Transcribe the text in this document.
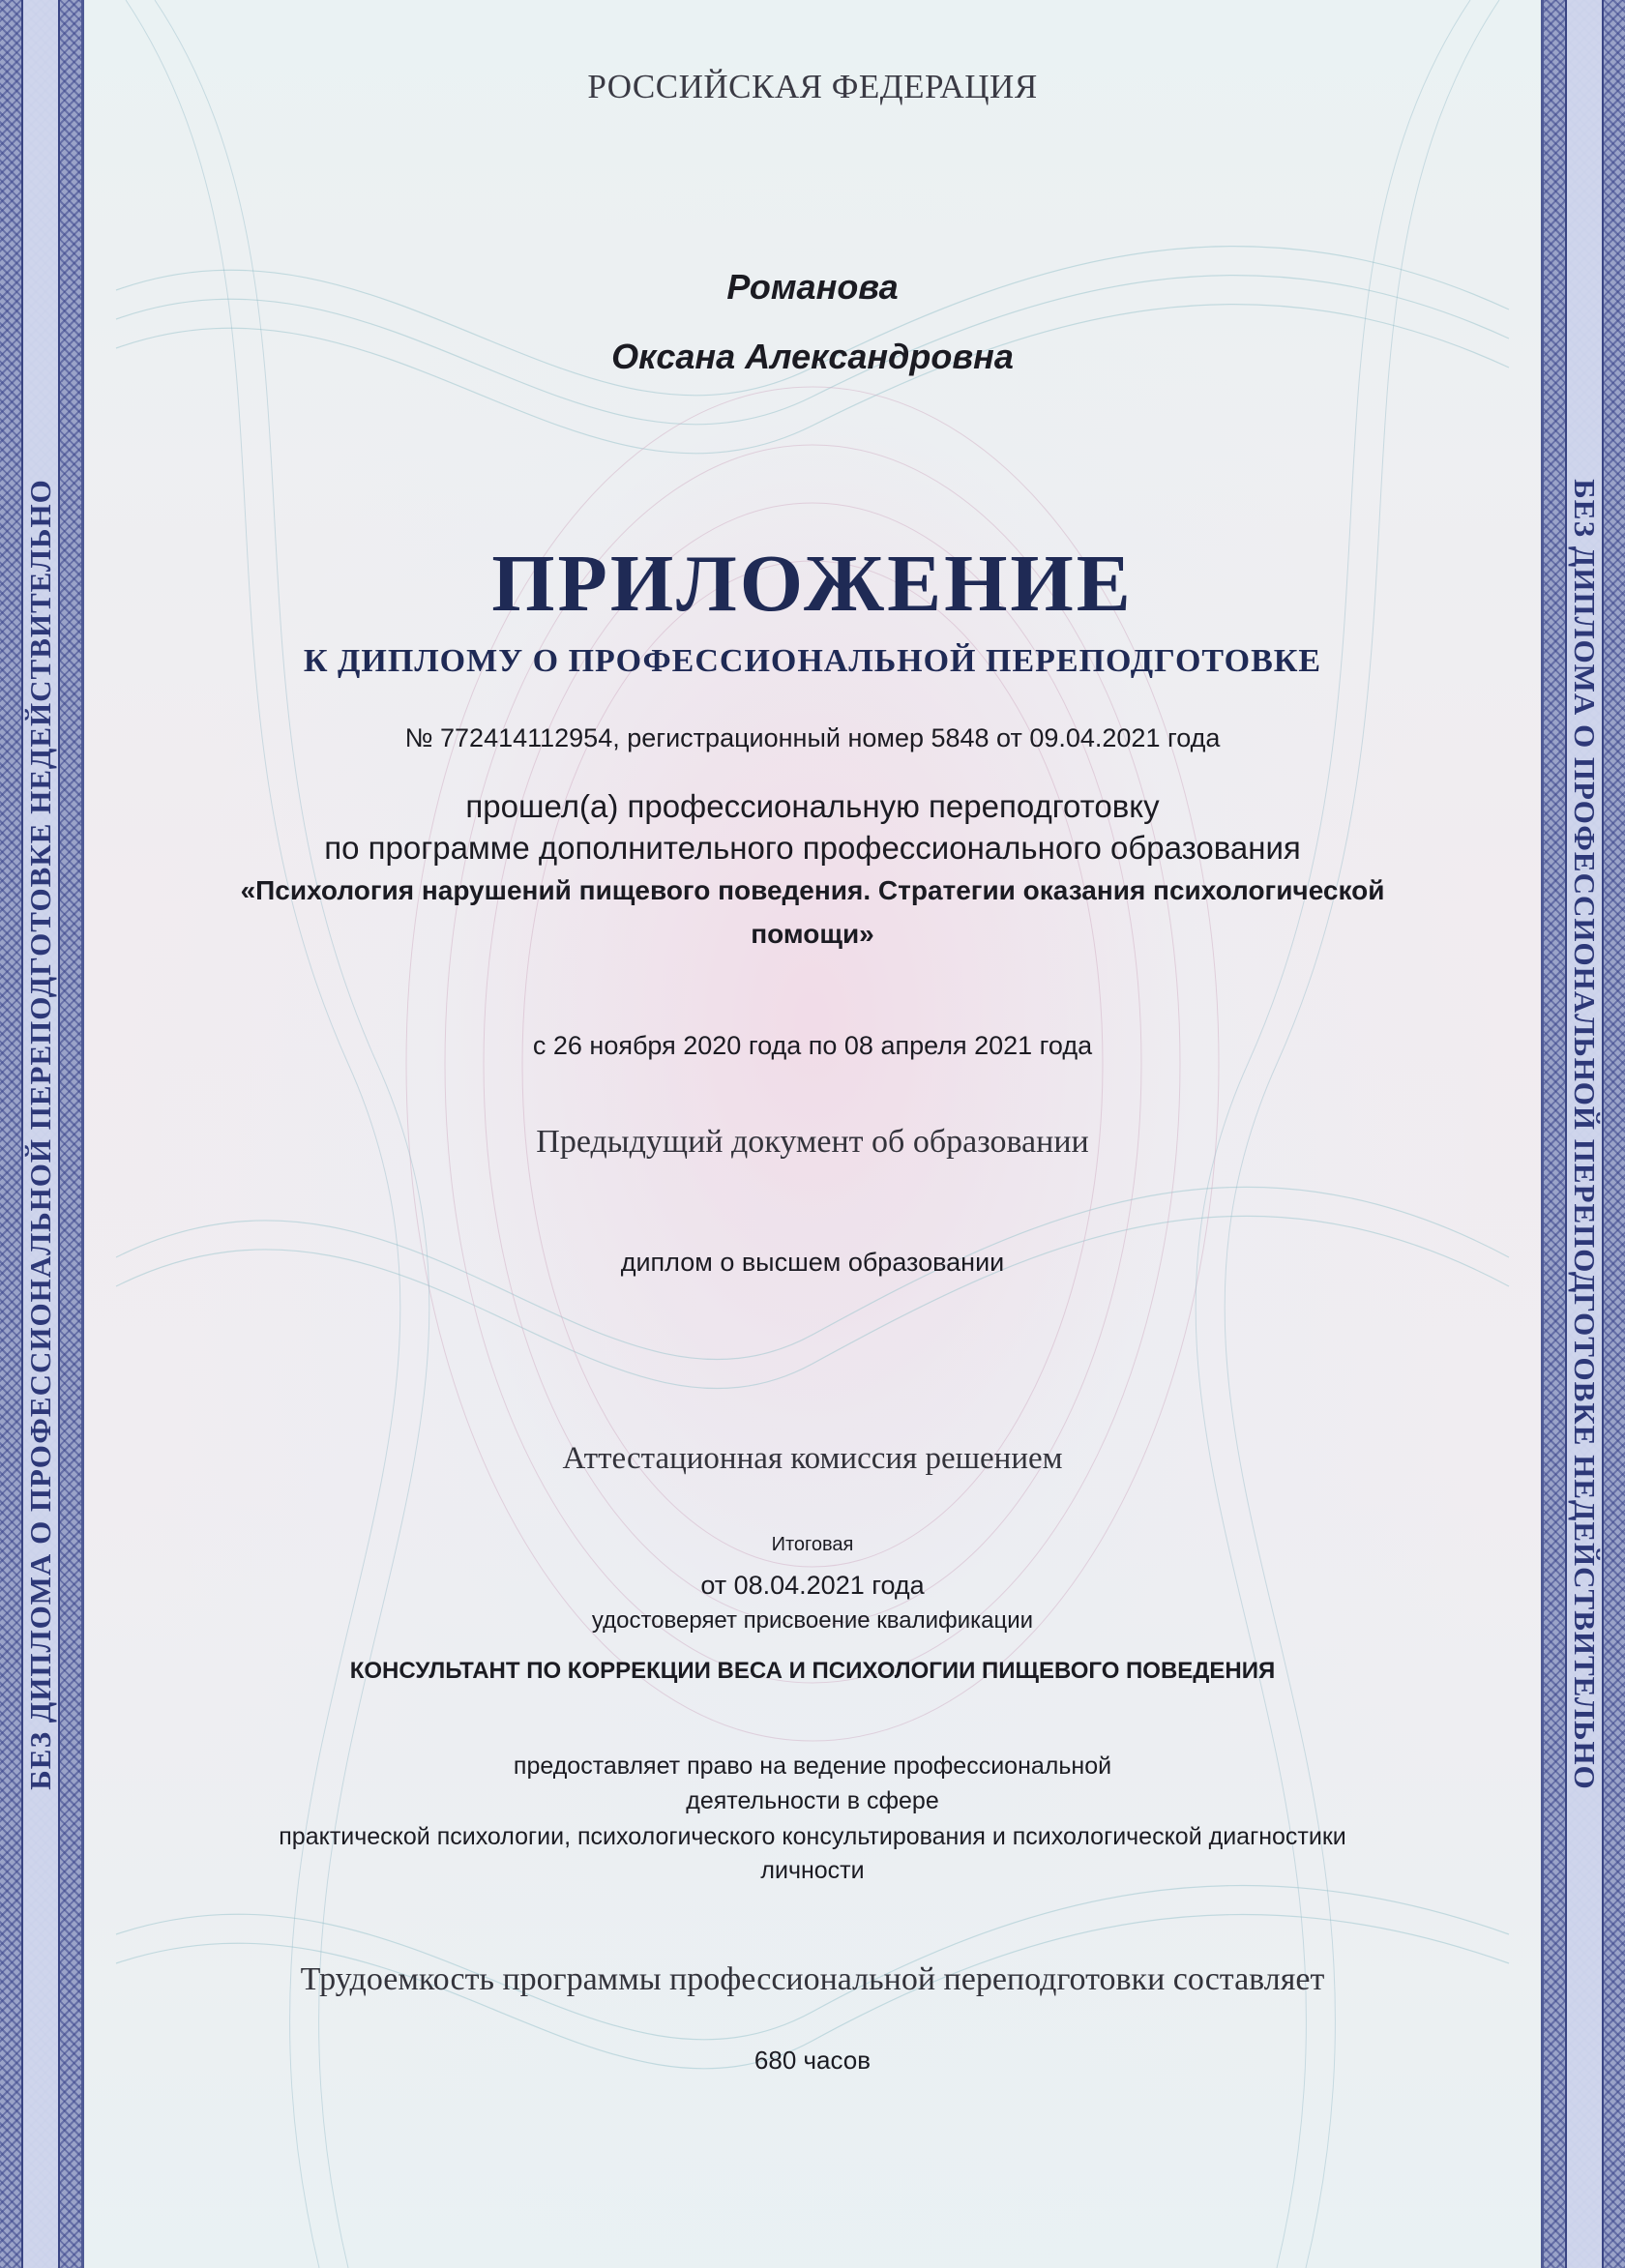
БЕЗ ДИПЛОМА О ПРОФЕССИОНАЛЬНОЙ ПЕРЕПОДГОТОВКЕ НЕДЕЙСТВИТЕЛЬНО	БЕЗ ДИПЛОМА О ПРОФЕССИОНАЛЬНОЙ ПЕРЕПОДГОТОВКЕ НЕДЕЙСТВИТЕЛЬНО
РОССИЙСКАЯ ФЕДЕРАЦИЯ
Романова
Оксана Александровна
ПРИЛОЖЕНИЕ
К ДИПЛОМУ О ПРОФЕССИОНАЛЬНОЙ ПЕРЕПОДГОТОВКЕ
№ 772414112954, регистрационный номер 5848 от 09.04.2021 года
прошел(а) профессиональную переподготовку
по программе дополнительного профессионального образования
«Психология нарушений пищевого поведения. Стратегии оказания психологической
помощи»
с 26 ноября 2020 года по 08 апреля 2021 года
Предыдущий документ об образовании
диплом о высшем образовании
Аттестационная комиссия решением
Итоговая
от 08.04.2021 года
удостоверяет присвоение квалификации
КОНСУЛЬТАНТ ПО КОРРЕКЦИИ ВЕСА И ПСИХОЛОГИИ ПИЩЕВОГО ПОВЕДЕНИЯ
предоставляет право на ведение профессиональной
деятельности в сфере
практической психологии, психологического консультирования и психологической диагностики
личности
Трудоемкость программы профессиональной переподготовки составляет
680 часов
